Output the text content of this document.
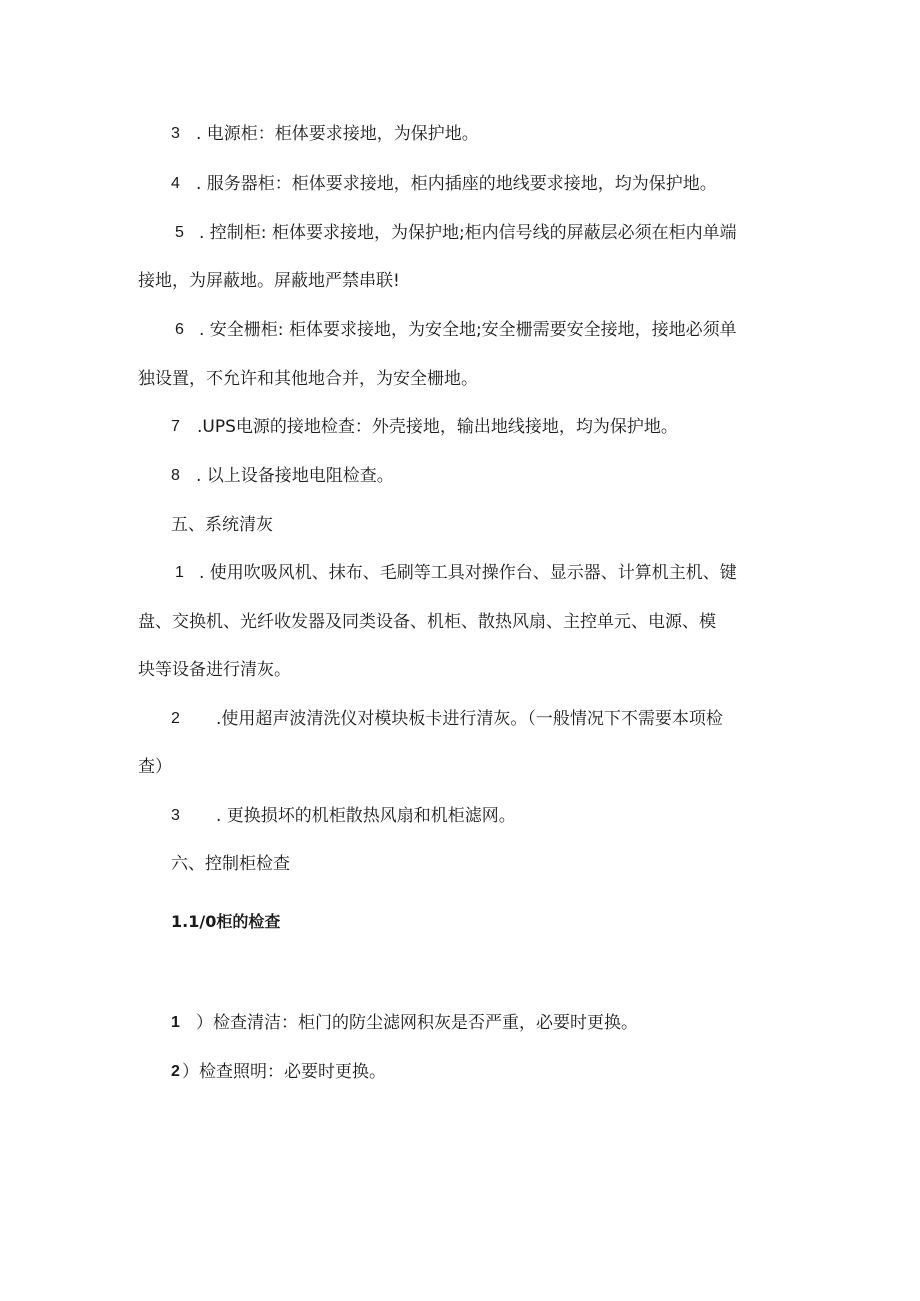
3 . 电源柜：柜体要求接地，为保护地。
4 . 服务器柜：柜体要求接地，柜内插座的地线要求接地，均为保护地。
5 . 控制柜: 柜体要求接地，为保护地;柜内信号线的屏蔽层必须在柜内单端
接地，为屏蔽地。屏蔽地严禁串联!
6 . 安全栅柜: 柜体要求接地，为安全地;安全栅需要安全接地，接地必须单
独设置，不允许和其他地合并，为安全栅地。
7 .UPS电源的接地检查：外壳接地，输出地线接地，均为保护地。
8 . 以上设备接地电阻检查。
五、系统清灰
1 . 使用吹吸风机、抹布、毛刷等工具对操作台、显示器、计算机主机、键
盘、交换机、光纤收发器及同类设备、机柜、散热风扇、主控单元、电源、模
块等设备进行清灰。
2 .使用超声波清洗仪对模块板卡进行清灰。（一般情况下不需要本项检
查）
3 . 更换损坏的机柜散热风扇和机柜滤网。
六、控制柜检查
1.1/0柜的检查
1 ）检查清洁：柜门的防尘滤网积灰是否严重，必要时更换。
2 ）检查照明：必要时更换。
